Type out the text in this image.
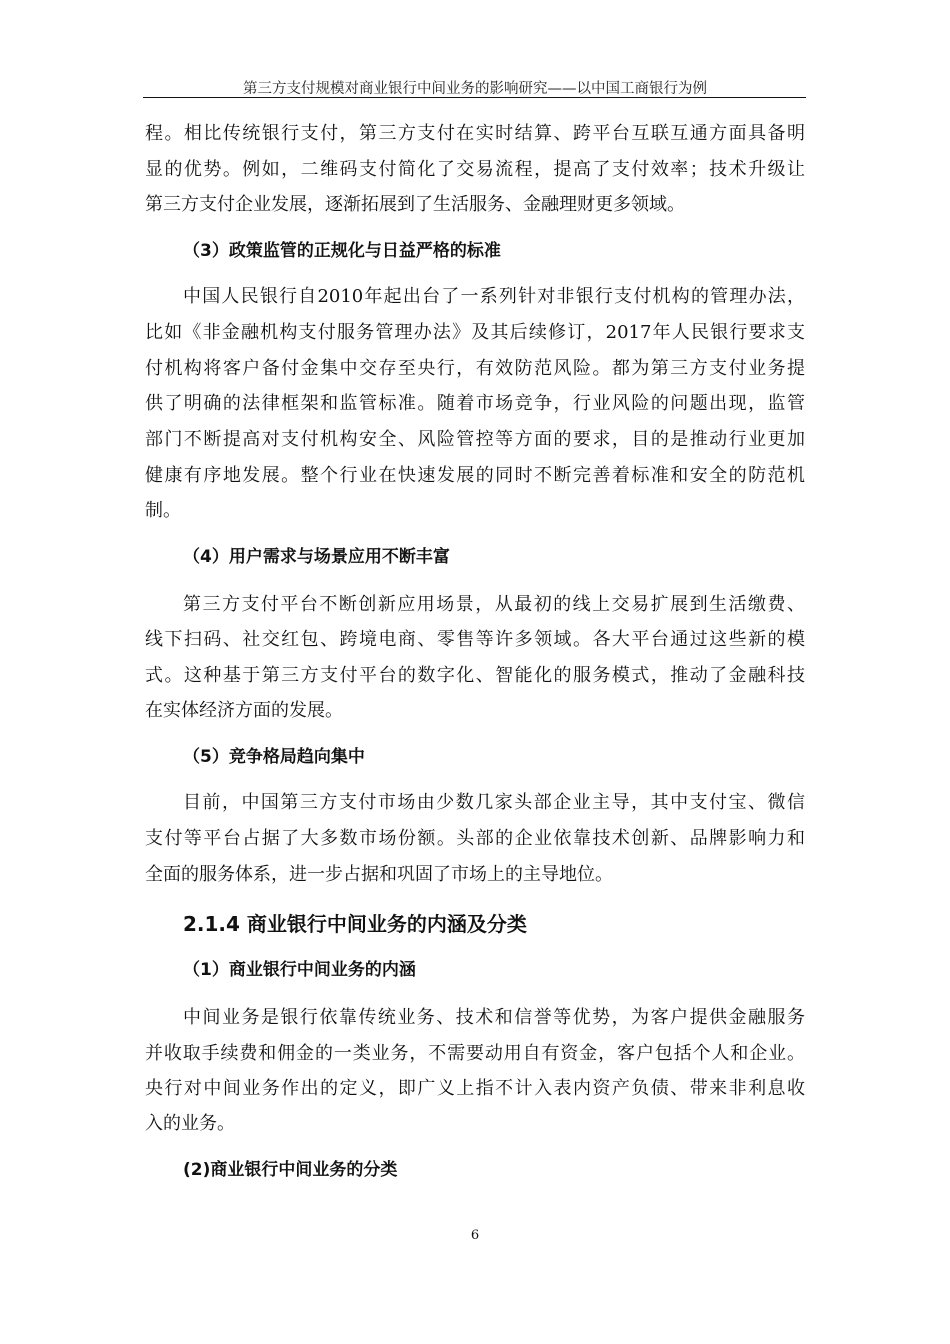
第三方支付规模对商业银行中间业务的影响研究——以中国工商银行为例
程。相比传统银行支付，第三方支付在实时结算、跨平台互联互通方面具备明
显的优势。例如，二维码支付简化了交易流程，提高了支付效率；技术升级让
第三方支付企业发展，逐渐拓展到了生活服务、金融理财更多领域。
（3）政策监管的正规化与日益严格的标准
中国人民银行自2010年起出台了一系列针对非银行支付机构的管理办法，
比如《非金融机构支付服务管理办法》及其后续修订，2017年人民银行要求支
付机构将客户备付金集中交存至央行，有效防范风险。都为第三方支付业务提
供了明确的法律框架和监管标准。随着市场竞争，行业风险的问题出现，监管
部门不断提高对支付机构安全、风险管控等方面的要求，目的是推动行业更加
健康有序地发展。整个行业在快速发展的同时不断完善着标准和安全的防范机
制。
（4）用户需求与场景应用不断丰富
第三方支付平台不断创新应用场景，从最初的线上交易扩展到生活缴费、
线下扫码、社交红包、跨境电商、零售等许多领域。各大平台通过这些新的模
式。这种基于第三方支付平台的数字化、智能化的服务模式，推动了金融科技
在实体经济方面的发展。
（5）竞争格局趋向集中
目前，中国第三方支付市场由少数几家头部企业主导，其中支付宝、微信
支付等平台占据了大多数市场份额。头部的企业依靠技术创新、品牌影响力和
全面的服务体系，进一步占据和巩固了市场上的主导地位。
2.1.4 商业银行中间业务的内涵及分类
（1）商业银行中间业务的内涵
中间业务是银行依靠传统业务、技术和信誉等优势，为客户提供金融服务
并收取手续费和佣金的一类业务，不需要动用自有资金，客户包括个人和企业。
央行对中间业务作出的定义，即广义上指不计入表内资产负债、带来非利息收
入的业务。
(2)商业银行中间业务的分类
6
